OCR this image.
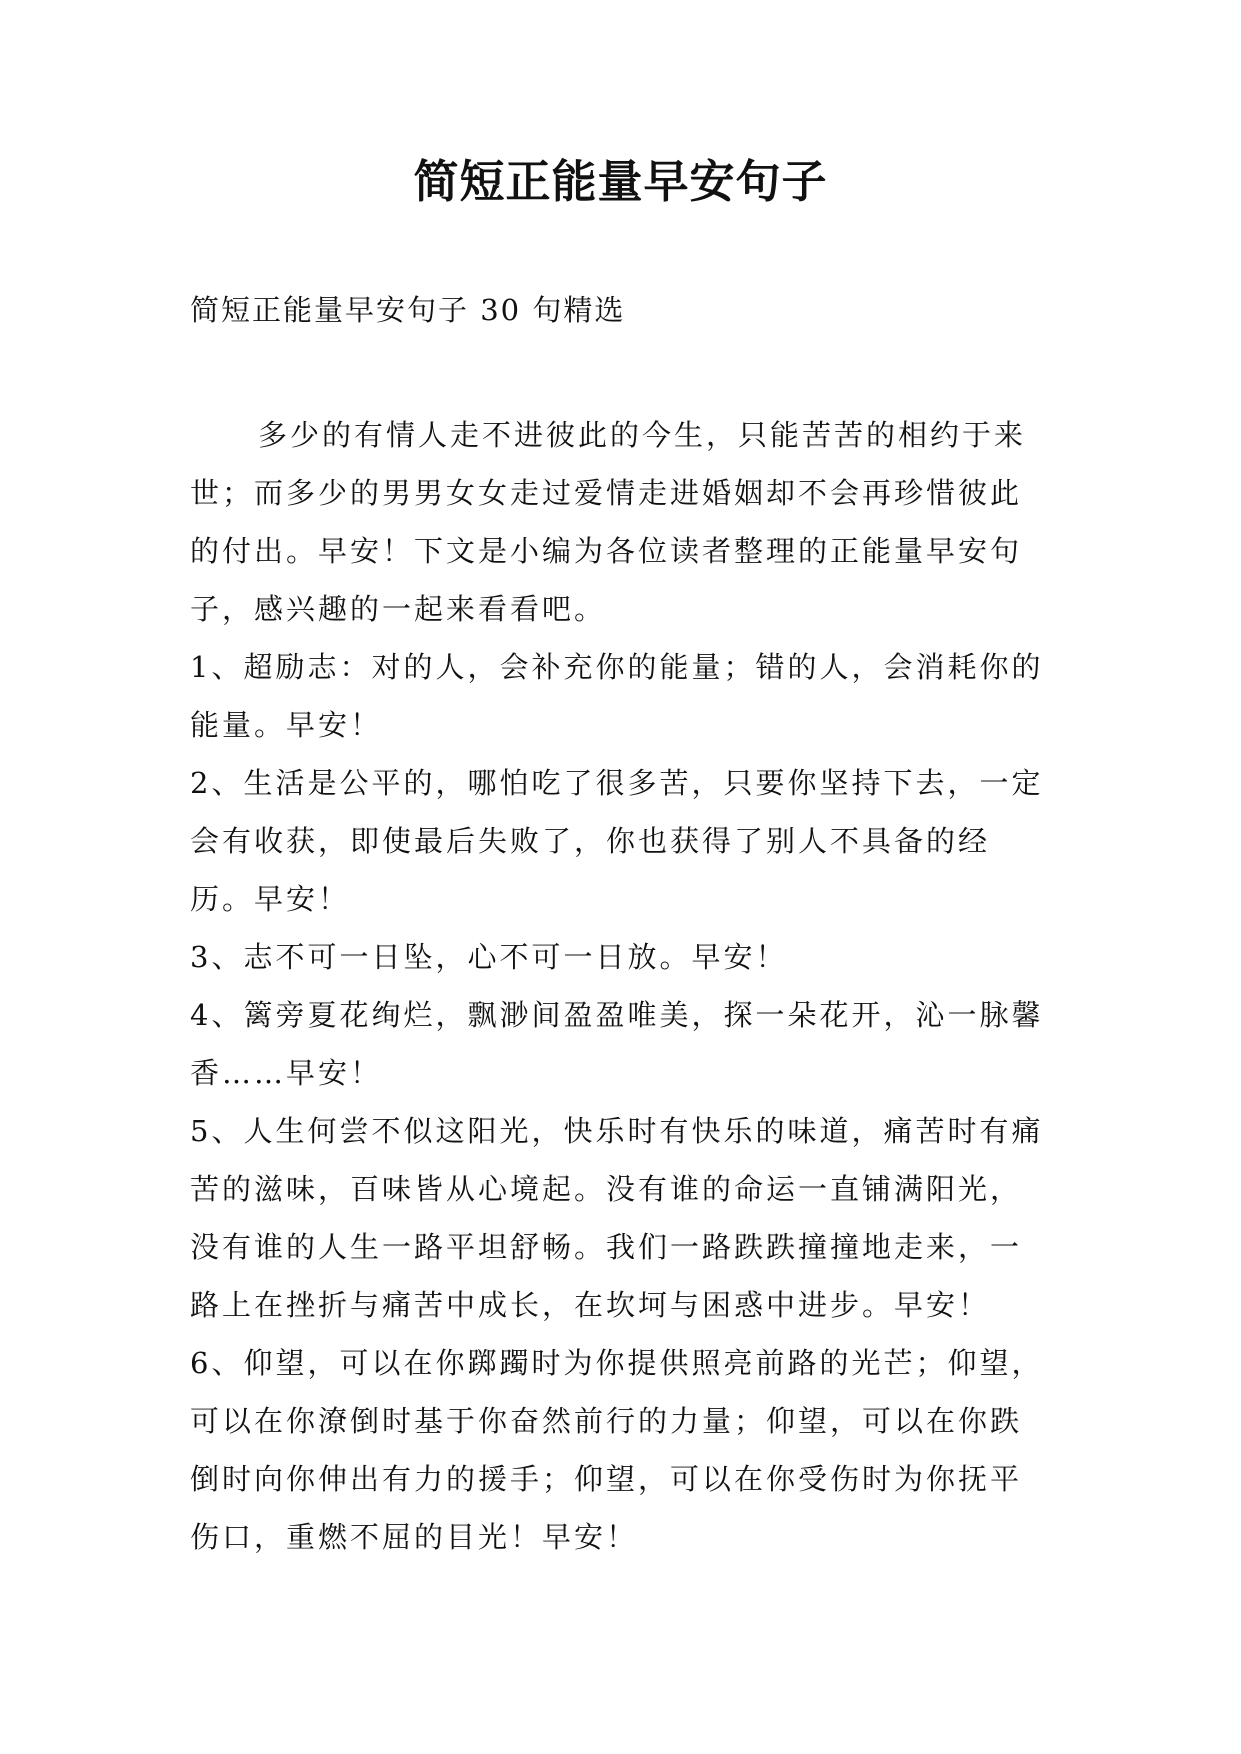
简短正能量早安句子

简短正能量早安句子 30 句精选

多少的有情人走不进彼此的今生，只能苦苦的相约于来世；而多少的男男女女走过爱情走进婚姻却不会再珍惜彼此的付出。早安！下文是小编为各位读者整理的正能量早安句子，感兴趣的一起来看看吧。

1、超励志：对的人，会补充你的能量；错的人，会消耗你的能量。早安！

2、生活是公平的，哪怕吃了很多苦，只要你坚持下去，一定会有收获，即使最后失败了，你也获得了别人不具备的经历。早安！

3、志不可一日坠，心不可一日放。早安！

4、篱旁夏花绚烂，飘渺间盈盈唯美，探一朵花开，沁一脉馨香……早安！

5、人生何尝不似这阳光，快乐时有快乐的味道，痛苦时有痛苦的滋味，百味皆从心境起。没有谁的命运一直铺满阳光，没有谁的人生一路平坦舒畅。我们一路跌跌撞撞地走来，一路上在挫折与痛苦中成长，在坎坷与困惑中进步。早安！

6、仰望，可以在你踯躅时为你提供照亮前路的光芒；仰望，可以在你潦倒时基于你奋然前行的力量；仰望，可以在你跌倒时向你伸出有力的援手；仰望，可以在你受伤时为你抚平伤口，重燃不屈的目光！早安！
